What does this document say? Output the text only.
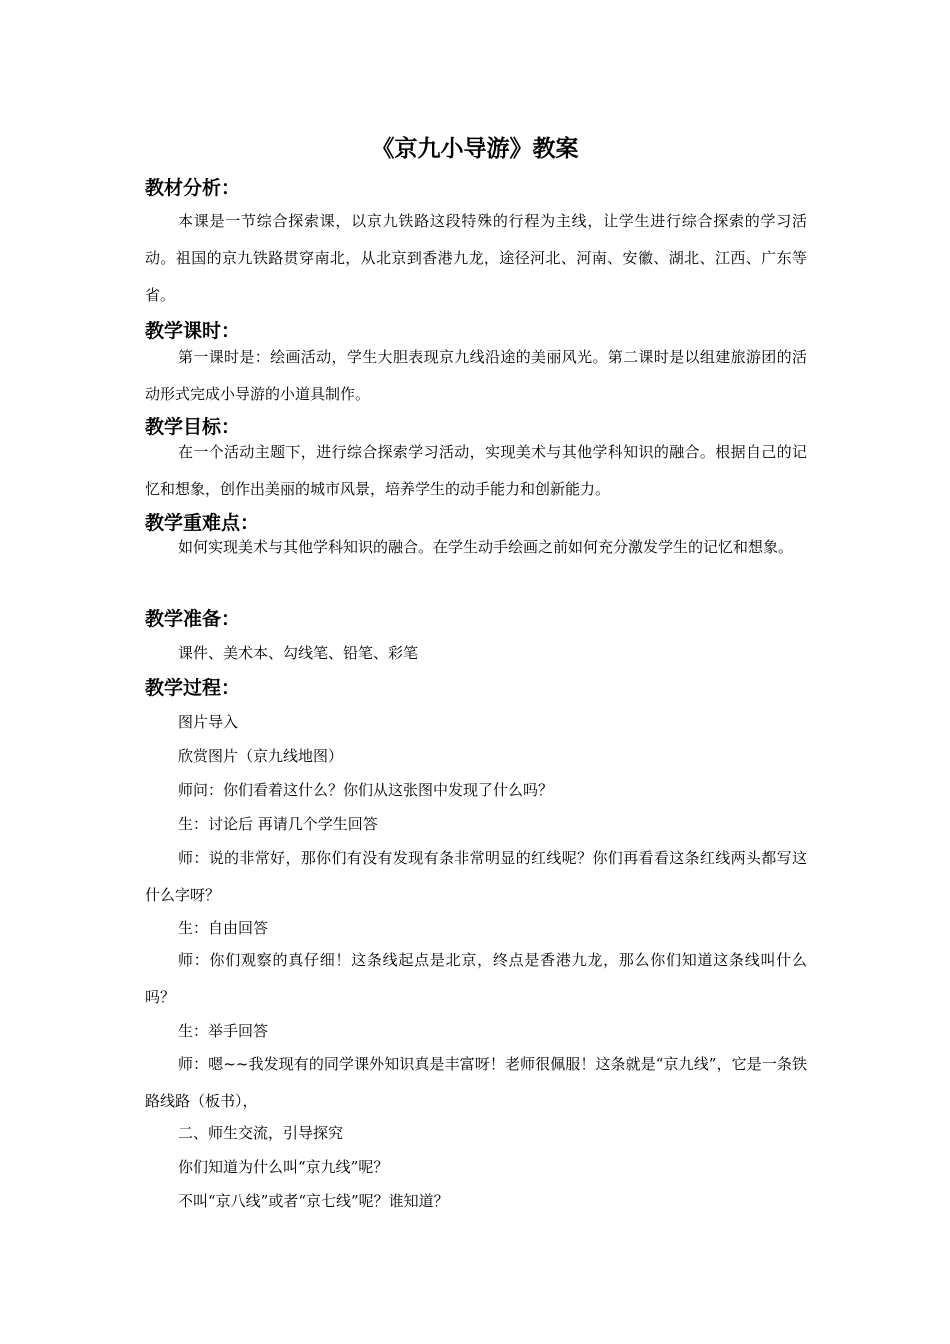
《京九小导游》教案
教材分析：

本课是一节综合探索课，以京九铁路这段特殊的行程为主线，让学生进行综合探索的学习活动。祖国的京九铁路贯穿南北，从北京到香港九龙，途径河北、河南、安徽、湖北、江西、广东等省。

教学课时：

第一课时是：绘画活动，学生大胆表现京九线沿途的美丽风光。第二课时是以组建旅游团的活动形式完成小导游的小道具制作。

教学目标：

在一个活动主题下，进行综合探索学习活动，实现美术与其他学科知识的融合。根据自己的记忆和想象，创作出美丽的城市风景，培养学生的动手能力和创新能力。

教学重难点：

如何实现美术与其他学科知识的融合。在学生动手绘画之前如何充分激发学生的记忆和想象。

教学准备：
课件、美术本、勾线笔、铅笔、彩笔
教学过程：
图片导入
欣赏图片（京九线地图）
师问：你们看着这什么？你们从这张图中发现了什么吗？
生：讨论后 再请几个学生回答

师：说的非常好，那你们有没有发现有条非常明显的红线呢？你们再看看这条红线两头都写这什么字呀？

生：自由回答

师：你们观察的真仔细！这条线起点是北京，终点是香港九龙，那么你们知道这条线叫什么吗？

生：举手回答

师：嗯~~我发现有的同学课外知识真是丰富呀！老师很佩服！这条就是“京九线”，它是一条铁路线路（板书），

二、师生交流，引导探究
你们知道为什么叫“京九线”呢？
不叫“京八线”或者“京七线”呢？谁知道？
